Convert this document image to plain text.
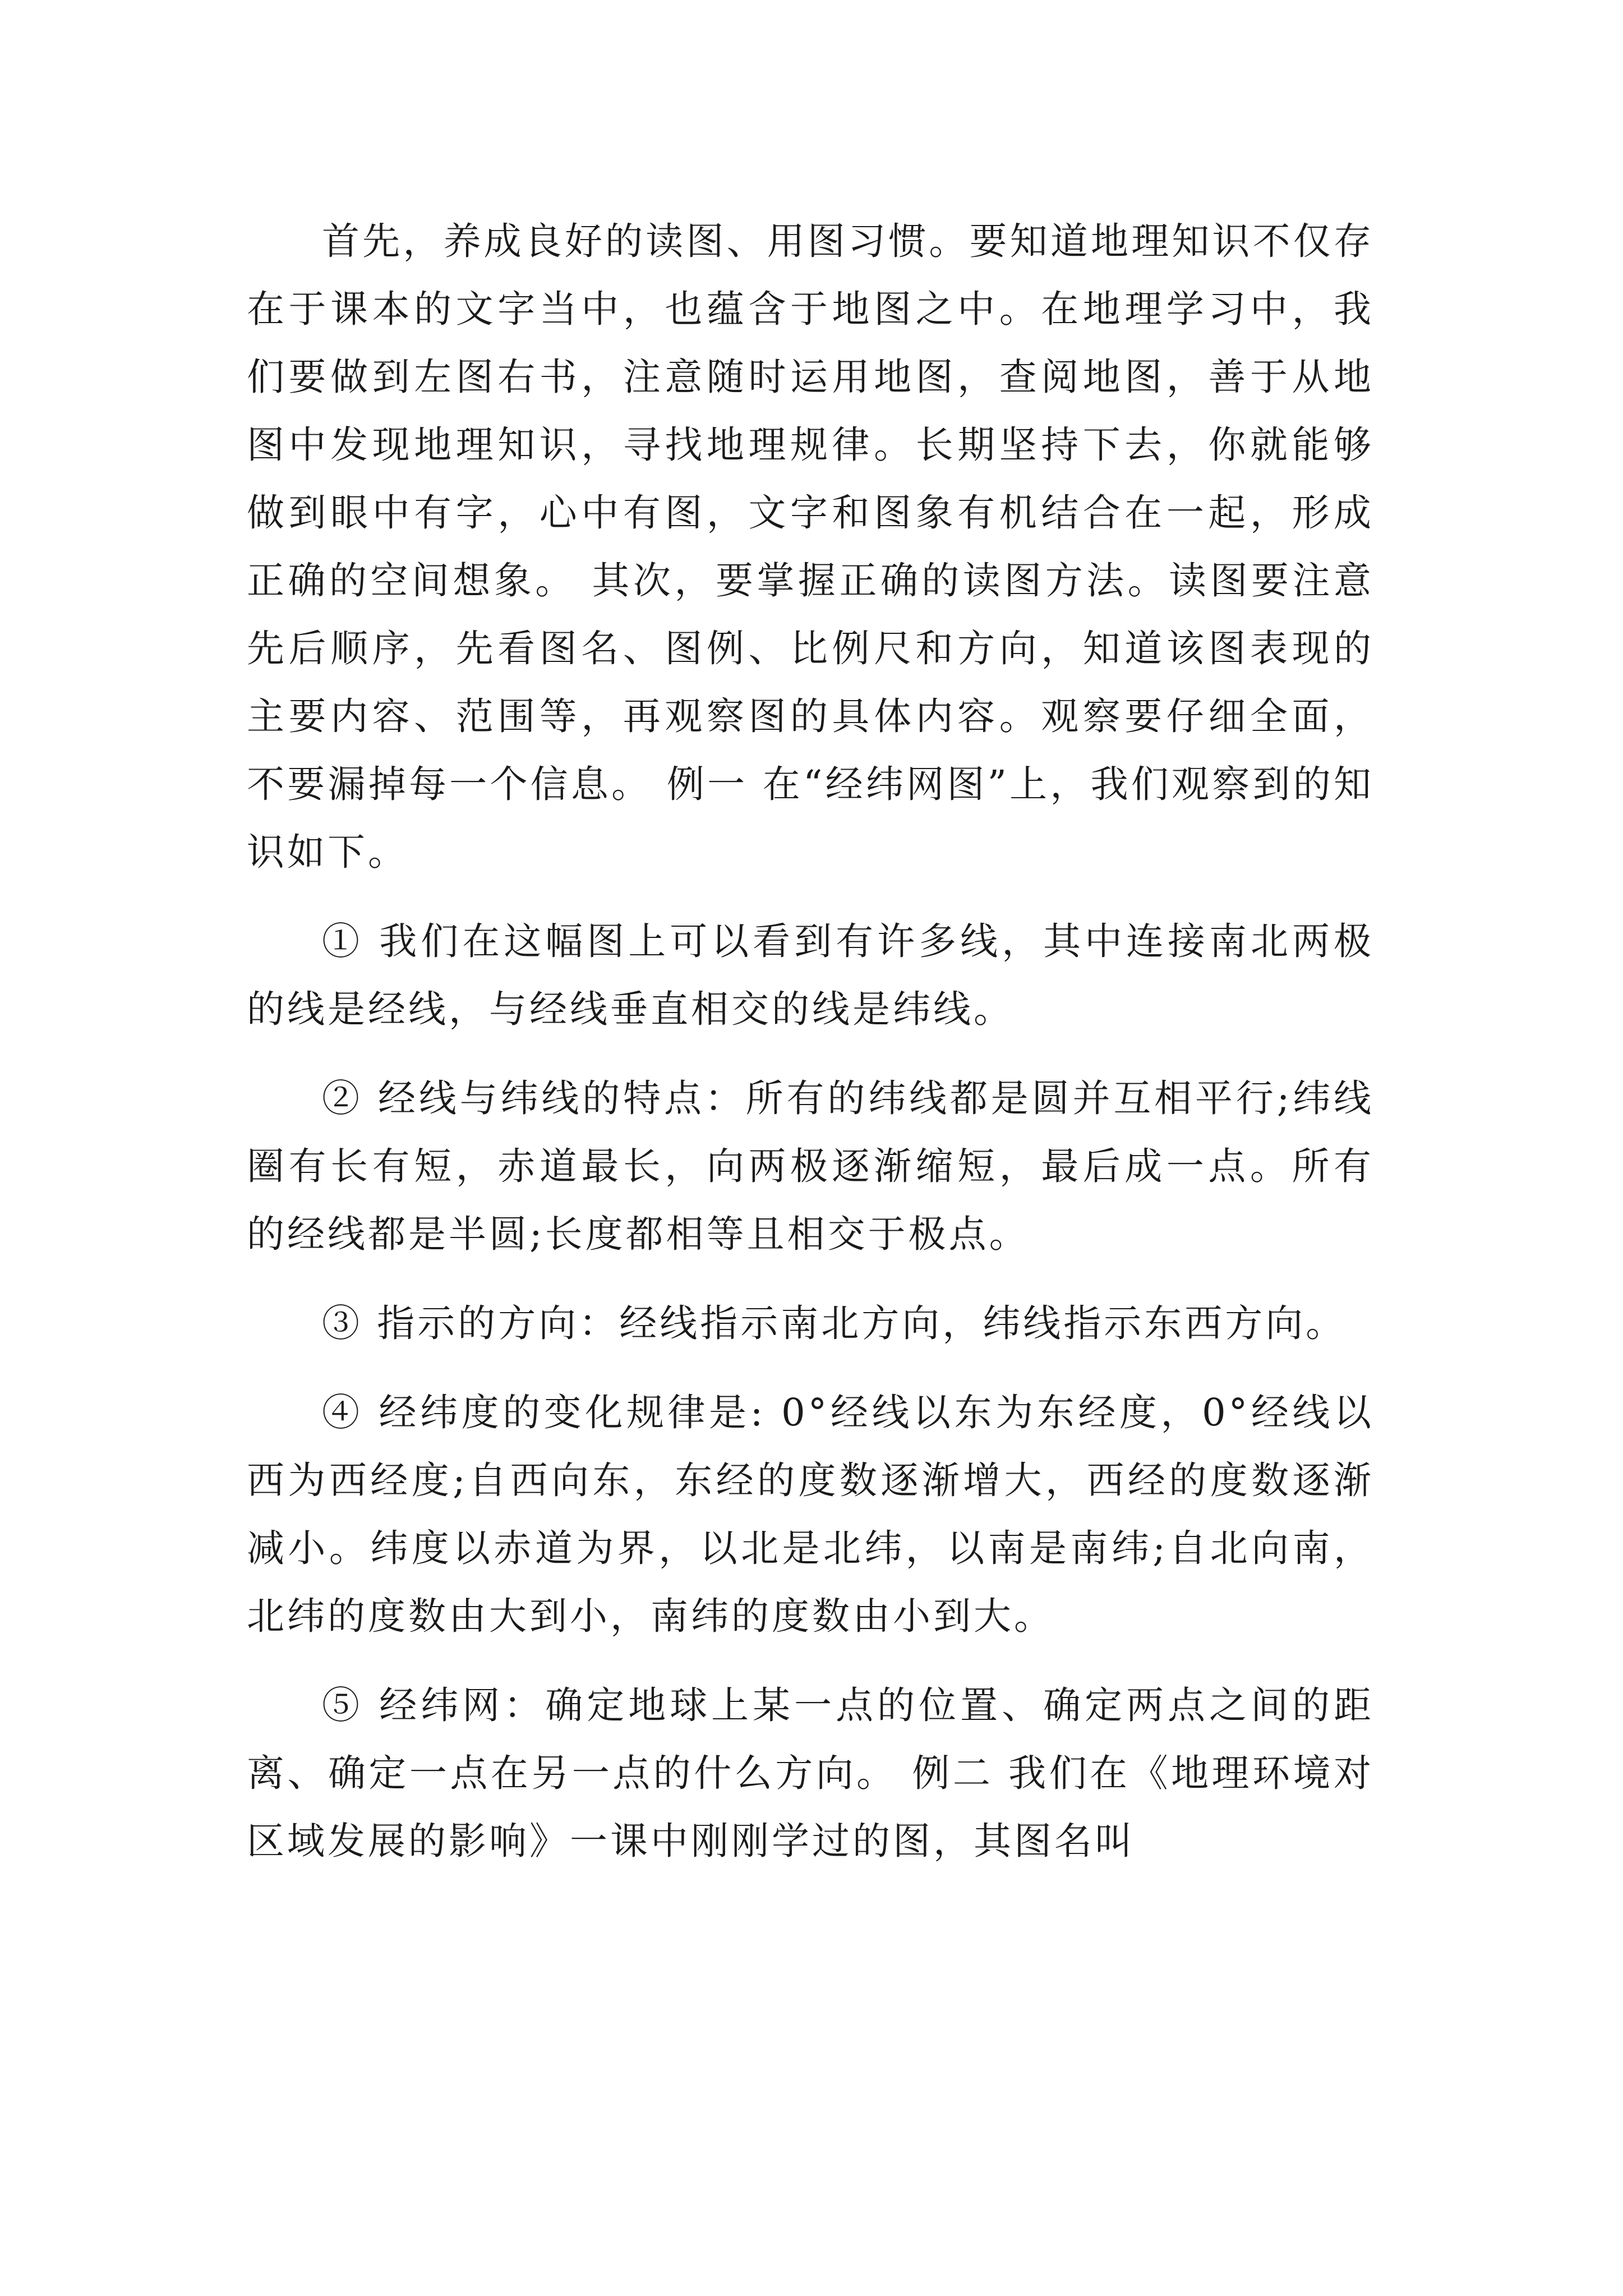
首先，养成良好的读图、用图习惯。要知道地理知识不仅存在于课本的文字当中，也蕴含于地图之中。在地理学习中，我们要做到左图右书，注意随时运用地图，查阅地图，善于从地图中发现地理知识，寻找地理规律。长期坚持下去，你就能够做到眼中有字，心中有图，文字和图象有机结合在一起，形成正确的空间想象。 其次，要掌握正确的读图方法。读图要注意先后顺序，先看图名、图例、比例尺和方向，知道该图表现的主要内容、范围等，再观察图的具体内容。观察要仔细全面，不要漏掉每一个信息。 例一 在“经纬网图”上，我们观察到的知识如下。

① 我们在这幅图上可以看到有许多线，其中连接南北两极的线是经线，与经线垂直相交的线是纬线。

② 经线与纬线的特点：所有的纬线都是圆并互相平行;纬线圈有长有短，赤道最长，向两极逐渐缩短，最后成一点。所有的经线都是半圆;长度都相等且相交于极点。

③ 指示的方向：经线指示南北方向，纬线指示东西方向。

④ 经纬度的变化规律是: 0°经线以东为东经度，0°经线以西为西经度;自西向东，东经的度数逐渐增大，西经的度数逐渐减小。纬度以赤道为界，以北是北纬，以南是南纬;自北向南，北纬的度数由大到小，南纬的度数由小到大。

⑤ 经纬网：确定地球上某一点的位置、确定两点之间的距离、确定一点在另一点的什么方向。 例二 我们在《地理环境对区域发展的影响》一课中刚刚学过的图，其图名叫
